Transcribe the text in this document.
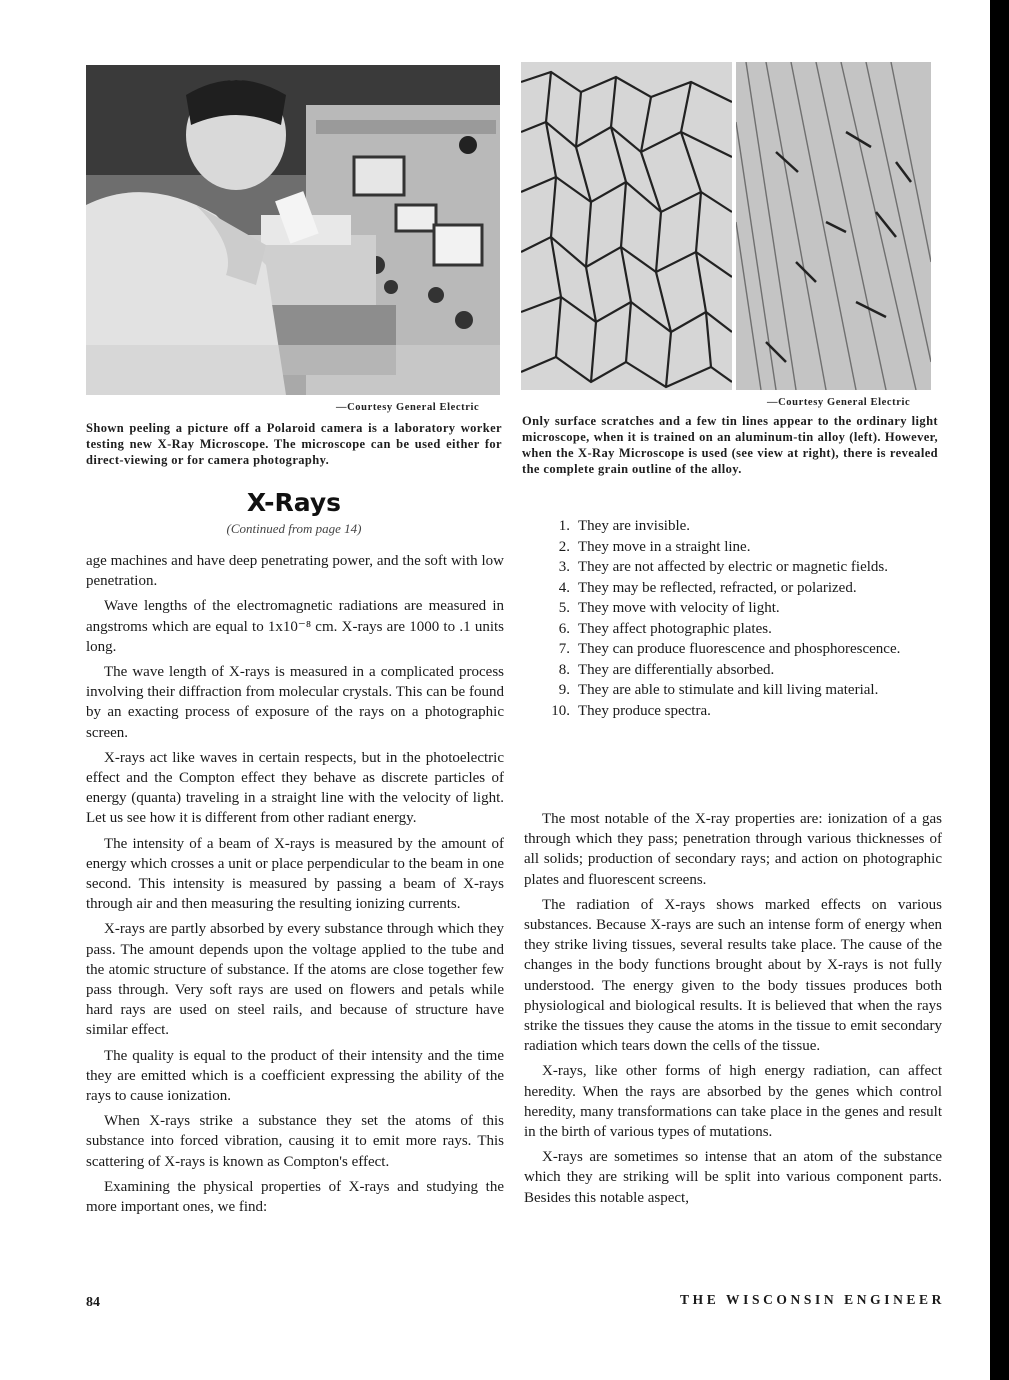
—Courtesy General Electric
Shown peeling a picture off a Polaroid camera is a laboratory worker testing new X-Ray Microscope. The microscope can be used either for direct-viewing or for camera photography.
—Courtesy General Electric
Only surface scratches and a few tin lines appear to the ordinary light microscope, when it is trained on an aluminum-tin alloy (left). However, when the X-Ray Microscope is used (see view at right), there is revealed the complete grain outline of the alloy.
X-Rays
(Continued from page 14)

age machines and have deep penetrating power, and the soft with low penetration.

Wave lengths of the electromagnetic radiations are measured in angstroms which are equal to 1x10⁻⁸ cm. X-rays are 1000 to .1 units long.

The wave length of X-rays is measured in a complicated process involving their diffraction from molecular crystals. This can be found by an exacting process of exposure of the rays on a photographic screen.

X-rays act like waves in certain respects, but in the photoelectric effect and the Compton effect they behave as discrete particles of energy (quanta) traveling in a straight line with the velocity of light. Let us see how it is different from other radiant energy.

The intensity of a beam of X-rays is measured by the amount of energy which crosses a unit or place perpendicular to the beam in one second. This intensity is measured by passing a beam of X-rays through air and then measuring the resulting ionizing currents.

X-rays are partly absorbed by every substance through which they pass. The amount depends upon the voltage applied to the tube and the atomic structure of substance. If the atoms are close together few pass through. Very soft rays are used on flowers and petals while hard rays are used on steel rails, and because of structure have similar effect.

The quality is equal to the product of their intensity and the time they are emitted which is a coefficient expressing the ability of the rays to cause ionization.

When X-rays strike a substance they set the atoms of this substance into forced vibration, causing it to emit more rays. This scattering of X-rays is known as Compton's effect.

Examining the physical properties of X-rays and studying the more important ones, we find:

1. They are invisible.
2. They move in a straight line.
3. They are not affected by electric or magnetic fields.
4. They may be reflected, refracted, or polarized.
5. They move with velocity of light.
6. They affect photographic plates.
7. They can produce fluorescence and phosphorescence.
8. They are differentially absorbed.
9. They are able to stimulate and kill living material.
10. They produce spectra.

The most notable of the X-ray properties are: ionization of a gas through which they pass; penetration through various thicknesses of all solids; production of secondary rays; and action on photographic plates and fluorescent screens.

The radiation of X-rays shows marked effects on various substances. Because X-rays are such an intense form of energy when they strike living tissues, several results take place. The cause of the changes in the body functions brought about by X-rays is not fully understood. The energy given to the body tissues produces both physiological and biological results. It is believed that when the rays strike the tissues they cause the atoms in the tissue to emit secondary radiation which tears down the cells of the tissue.

X-rays, like other forms of high energy radiation, can affect heredity. When the rays are absorbed by the genes which control heredity, many transformations can take place in the genes and result in the birth of various types of mutations.

X-rays are sometimes so intense that an atom of the substance which they are striking will be split into various component parts. Besides this notable aspect,

84	THE WISCONSIN ENGINEER
